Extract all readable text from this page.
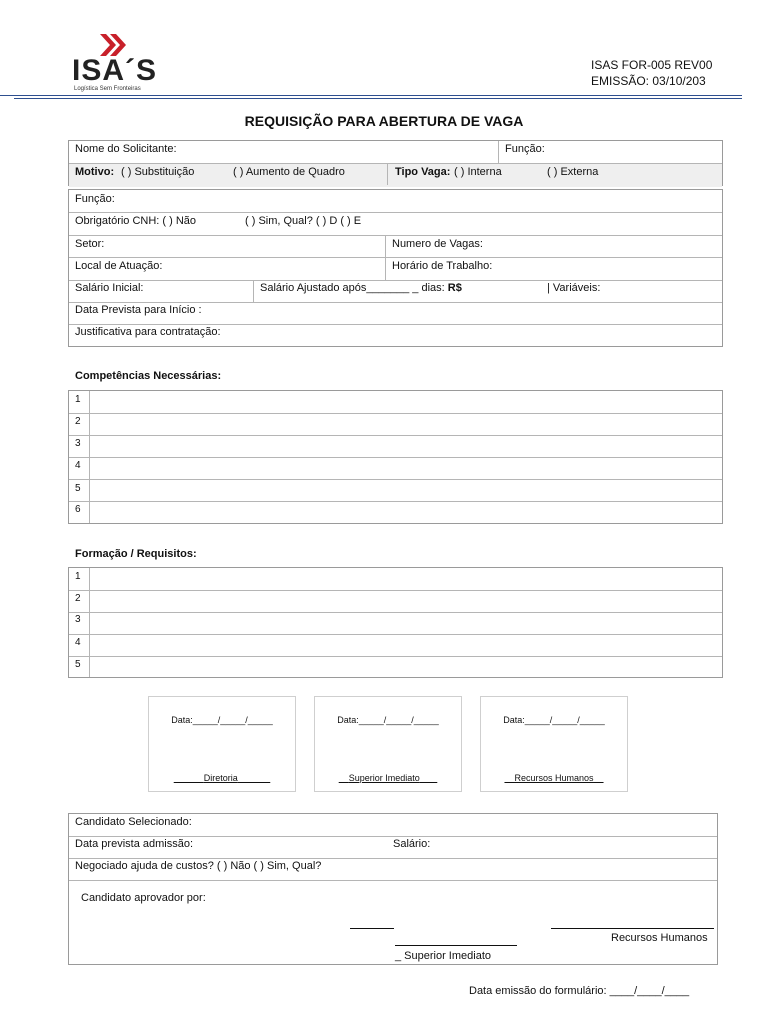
ISA´S
Logística Sem Fronteiras
ISAS FOR-005 REV00
EMISSÃO: 03/10/203
REQUISIÇÃO PARA ABERTURA DE VAGA
Nome do Solicitante:	Função:
Motivo: ( ) Substituição	( ) Aumento de Quadro	Tipo Vaga: ( ) Interna	( ) Externa
Função:
Obrigatório CNH: ( ) Não	( ) Sim, Qual? ( ) D ( ) E
Setor:	Numero de Vagas:
Local de Atuação:	Horário de Trabalho:
Salário Inicial:	Salário Ajustado após_______ _ dias: R$	| Variáveis:
Data Prevista para Início :
Justificativa para contratação:
Competências Necessárias:
1
2
3
4
5
6
Formação / Requisitos:
1
2
3
4
5
Data:_____/_____/_____
Diretoria
Data:_____/_____/_____
Superior Imediato
Data:_____/_____/_____
Recursos Humanos
Candidato Selecionado:
Data prevista admissão:	Salário:
Negociado ajuda de custos? ( ) Não ( ) Sim, Qual?
Candidato aprovador por:
Recursos Humanos
_ Superior Imediato
Data emissão do formulário: ____/____/____
